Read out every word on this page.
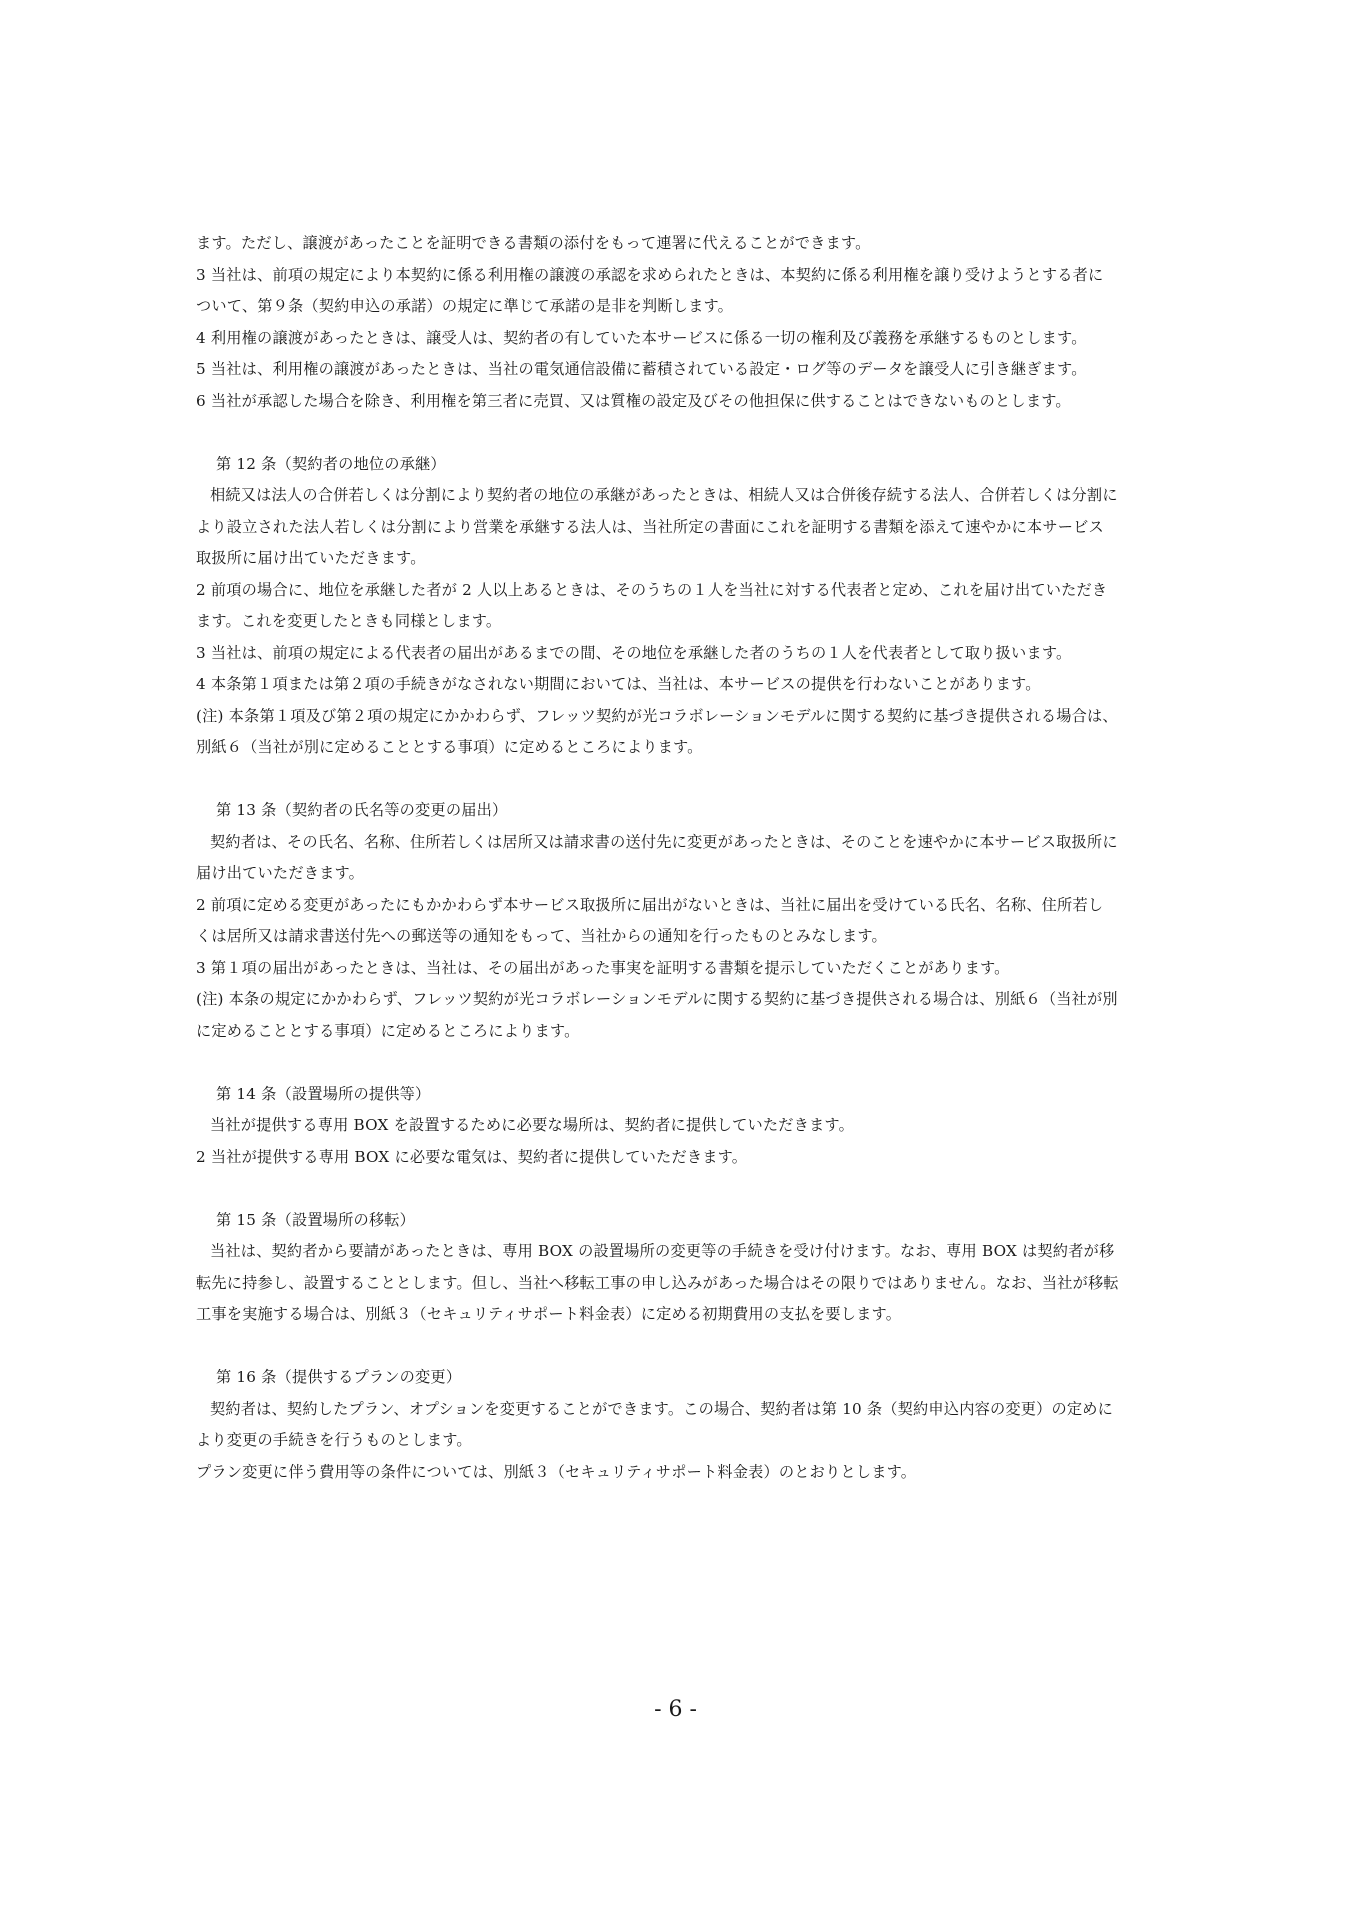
ます。ただし、譲渡があったことを証明できる書類の添付をもって連署に代えることができます。
3 当社は、前項の規定により本契約に係る利用権の譲渡の承認を求められたときは、本契約に係る利用権を譲り受けようとする者に
ついて、第９条（契約申込の承諾）の規定に準じて承諾の是非を判断します。
4 利用権の譲渡があったときは、譲受人は、契約者の有していた本サービスに係る一切の権利及び義務を承継するものとします。
5 当社は、利用権の譲渡があったときは、当社の電気通信設備に蓄積されている設定・ログ等のデータを譲受人に引き継ぎます。
6 当社が承認した場合を除き、利用権を第三者に売買、又は質権の設定及びその他担保に供することはできないものとします。
第 12 条（契約者の地位の承継）
相続又は法人の合併若しくは分割により契約者の地位の承継があったときは、相続人又は合併後存続する法人、合併若しくは分割に
より設立された法人若しくは分割により営業を承継する法人は、当社所定の書面にこれを証明する書類を添えて速やかに本サービス
取扱所に届け出ていただきます。
2 前項の場合に、地位を承継した者が 2 人以上あるときは、そのうちの１人を当社に対する代表者と定め、これを届け出ていただき
ます。これを変更したときも同様とします。
3 当社は、前項の規定による代表者の届出があるまでの間、その地位を承継した者のうちの１人を代表者として取り扱います。
4 本条第１項または第２項の手続きがなされない期間においては、当社は、本サービスの提供を行わないことがあります。
(注) 本条第１項及び第２項の規定にかかわらず、フレッツ契約が光コラボレーションモデルに関する契約に基づき提供される場合は、
別紙６（当社が別に定めることとする事項）に定めるところによります。
第 13 条（契約者の氏名等の変更の届出）
契約者は、その氏名、名称、住所若しくは居所又は請求書の送付先に変更があったときは、そのことを速やかに本サービス取扱所に
届け出ていただきます。
2 前項に定める変更があったにもかかわらず本サービス取扱所に届出がないときは、当社に届出を受けている氏名、名称、住所若し
くは居所又は請求書送付先への郵送等の通知をもって、当社からの通知を行ったものとみなします。
3 第１項の届出があったときは、当社は、その届出があった事実を証明する書類を提示していただくことがあります。
(注) 本条の規定にかかわらず、フレッツ契約が光コラボレーションモデルに関する契約に基づき提供される場合は、別紙６（当社が別
に定めることとする事項）に定めるところによります。
第 14 条（設置場所の提供等）
当社が提供する専用 BOX を設置するために必要な場所は、契約者に提供していただきます。
2 当社が提供する専用 BOX に必要な電気は、契約者に提供していただきます。
第 15 条（設置場所の移転）
当社は、契約者から要請があったときは、専用 BOX の設置場所の変更等の手続きを受け付けます。なお、専用 BOX は契約者が移
転先に持参し、設置することとします。但し、当社へ移転工事の申し込みがあった場合はその限りではありません。なお、当社が移転
工事を実施する場合は、別紙３（セキュリティサポート料金表）に定める初期費用の支払を要します。
第 16 条（提供するプランの変更）
契約者は、契約したプラン、オプションを変更することができます。この場合、契約者は第 10 条（契約申込内容の変更）の定めに
より変更の手続きを行うものとします。
プラン変更に伴う費用等の条件については、別紙３（セキュリティサポート料金表）のとおりとします。
- 6 -
